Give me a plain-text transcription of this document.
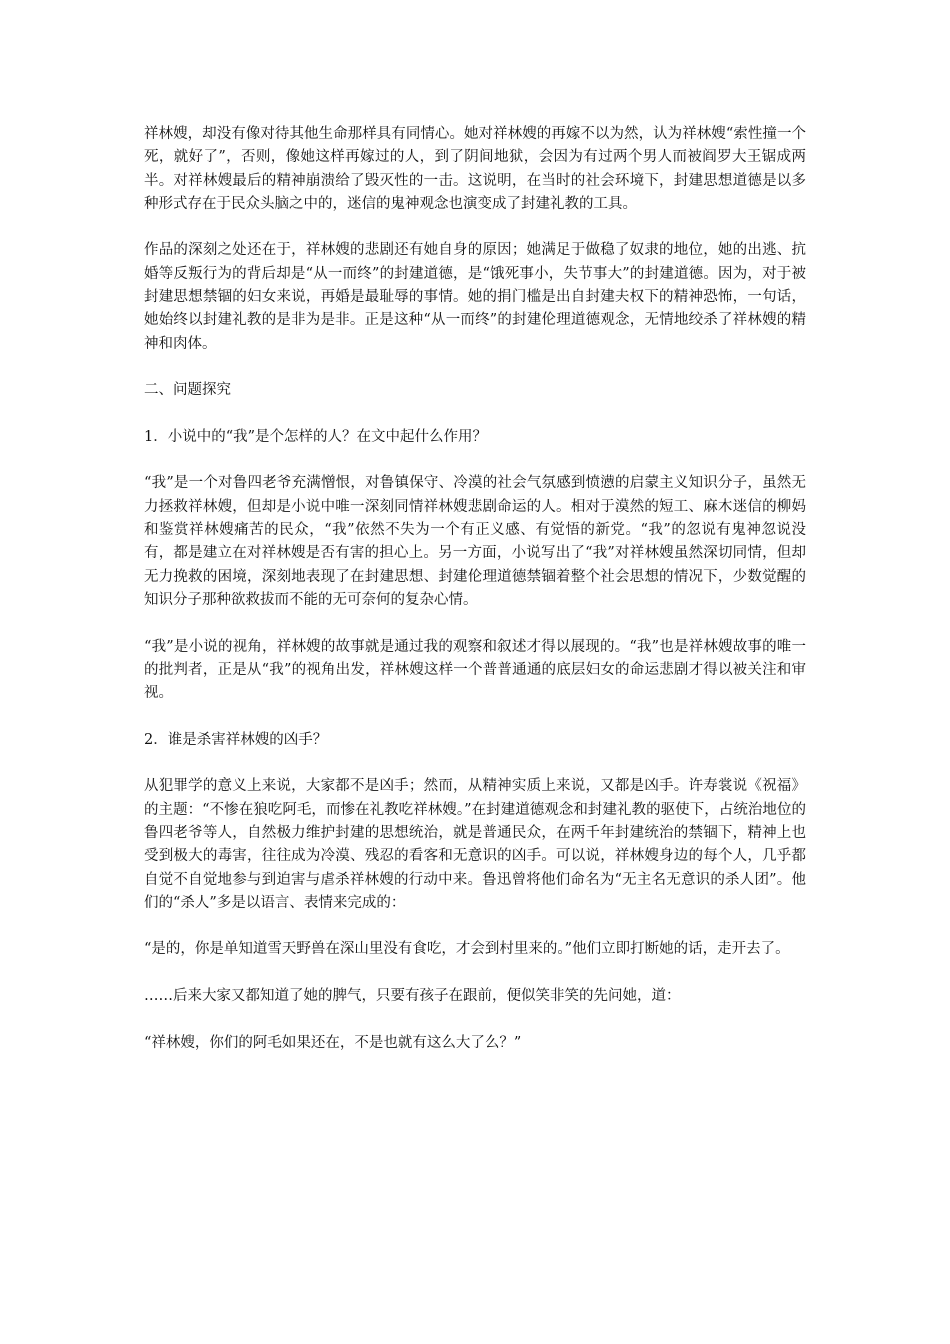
祥林嫂，却没有像对待其他生命那样具有同情心。她对祥林嫂的再嫁不以为然，认为祥林嫂“索性撞一个死，就好了”，否则，像她这样再嫁过的人，到了阴间地狱，会因为有过两个男人而被阎罗大王锯成两半。对祥林嫂最后的精神崩溃给了毁灭性的一击。这说明，在当时的社会环境下，封建思想道德是以多种形式存在于民众头脑之中的，迷信的鬼神观念也演变成了封建礼教的工具。

作品的深刻之处还在于，祥林嫂的悲剧还有她自身的原因；她满足于做稳了奴隶的地位，她的出逃、抗婚等反叛行为的背后却是“从一而终”的封建道德，是“饿死事小，失节事大”的封建道德。因为，对于被封建思想禁锢的妇女来说，再婚是最耻辱的事情。她的捐门槛是出自封建夫权下的精神恐怖，一句话，她始终以封建礼教的是非为是非。正是这种“从一而终”的封建伦理道德观念，无情地绞杀了祥林嫂的精神和肉体。

二、问题探究

1．小说中的“我”是个怎样的人？在文中起什么作用？

“我”是一个对鲁四老爷充满憎恨，对鲁镇保守、冷漠的社会气氛感到愤懑的启蒙主义知识分子，虽然无力拯救祥林嫂，但却是小说中唯一深刻同情祥林嫂悲剧命运的人。相对于漠然的短工、麻木迷信的柳妈和鉴赏祥林嫂痛苦的民众，“我”依然不失为一个有正义感、有觉悟的新党。“我”的忽说有鬼神忽说没有，都是建立在对祥林嫂是否有害的担心上。另一方面，小说写出了“我”对祥林嫂虽然深切同情，但却无力挽救的困境，深刻地表现了在封建思想、封建伦理道德禁锢着整个社会思想的情况下，少数觉醒的知识分子那种欲救拔而不能的无可奈何的复杂心情。

“我”是小说的视角，祥林嫂的故事就是通过我的观察和叙述才得以展现的。“我”也是祥林嫂故事的唯一的批判者，正是从“我”的视角出发，祥林嫂这样一个普普通通的底层妇女的命运悲剧才得以被关注和审视。

2．谁是杀害祥林嫂的凶手？

从犯罪学的意义上来说，大家都不是凶手；然而，从精神实质上来说，又都是凶手。许寿裳说《祝福》的主题：“不惨在狼吃阿毛，而惨在礼教吃祥林嫂。”在封建道德观念和封建礼教的驱使下，占统治地位的鲁四老爷等人，自然极力维护封建的思想统治，就是普通民众，在两千年封建统治的禁锢下，精神上也受到极大的毒害，往往成为冷漠、残忍的看客和无意识的凶手。可以说，祥林嫂身边的每个人，几乎都自觉不自觉地参与到迫害与虐杀祥林嫂的行动中来。鲁迅曾将他们命名为“无主名无意识的杀人团”。他们的“杀人”多是以语言、表情来完成的：

“是的，你是单知道雪天野兽在深山里没有食吃，才会到村里来的。”他们立即打断她的话，走开去了。

……后来大家又都知道了她的脾气，只要有孩子在跟前，便似笑非笑的先问她，道：

“祥林嫂，你们的阿毛如果还在，不是也就有这么大了么？”
